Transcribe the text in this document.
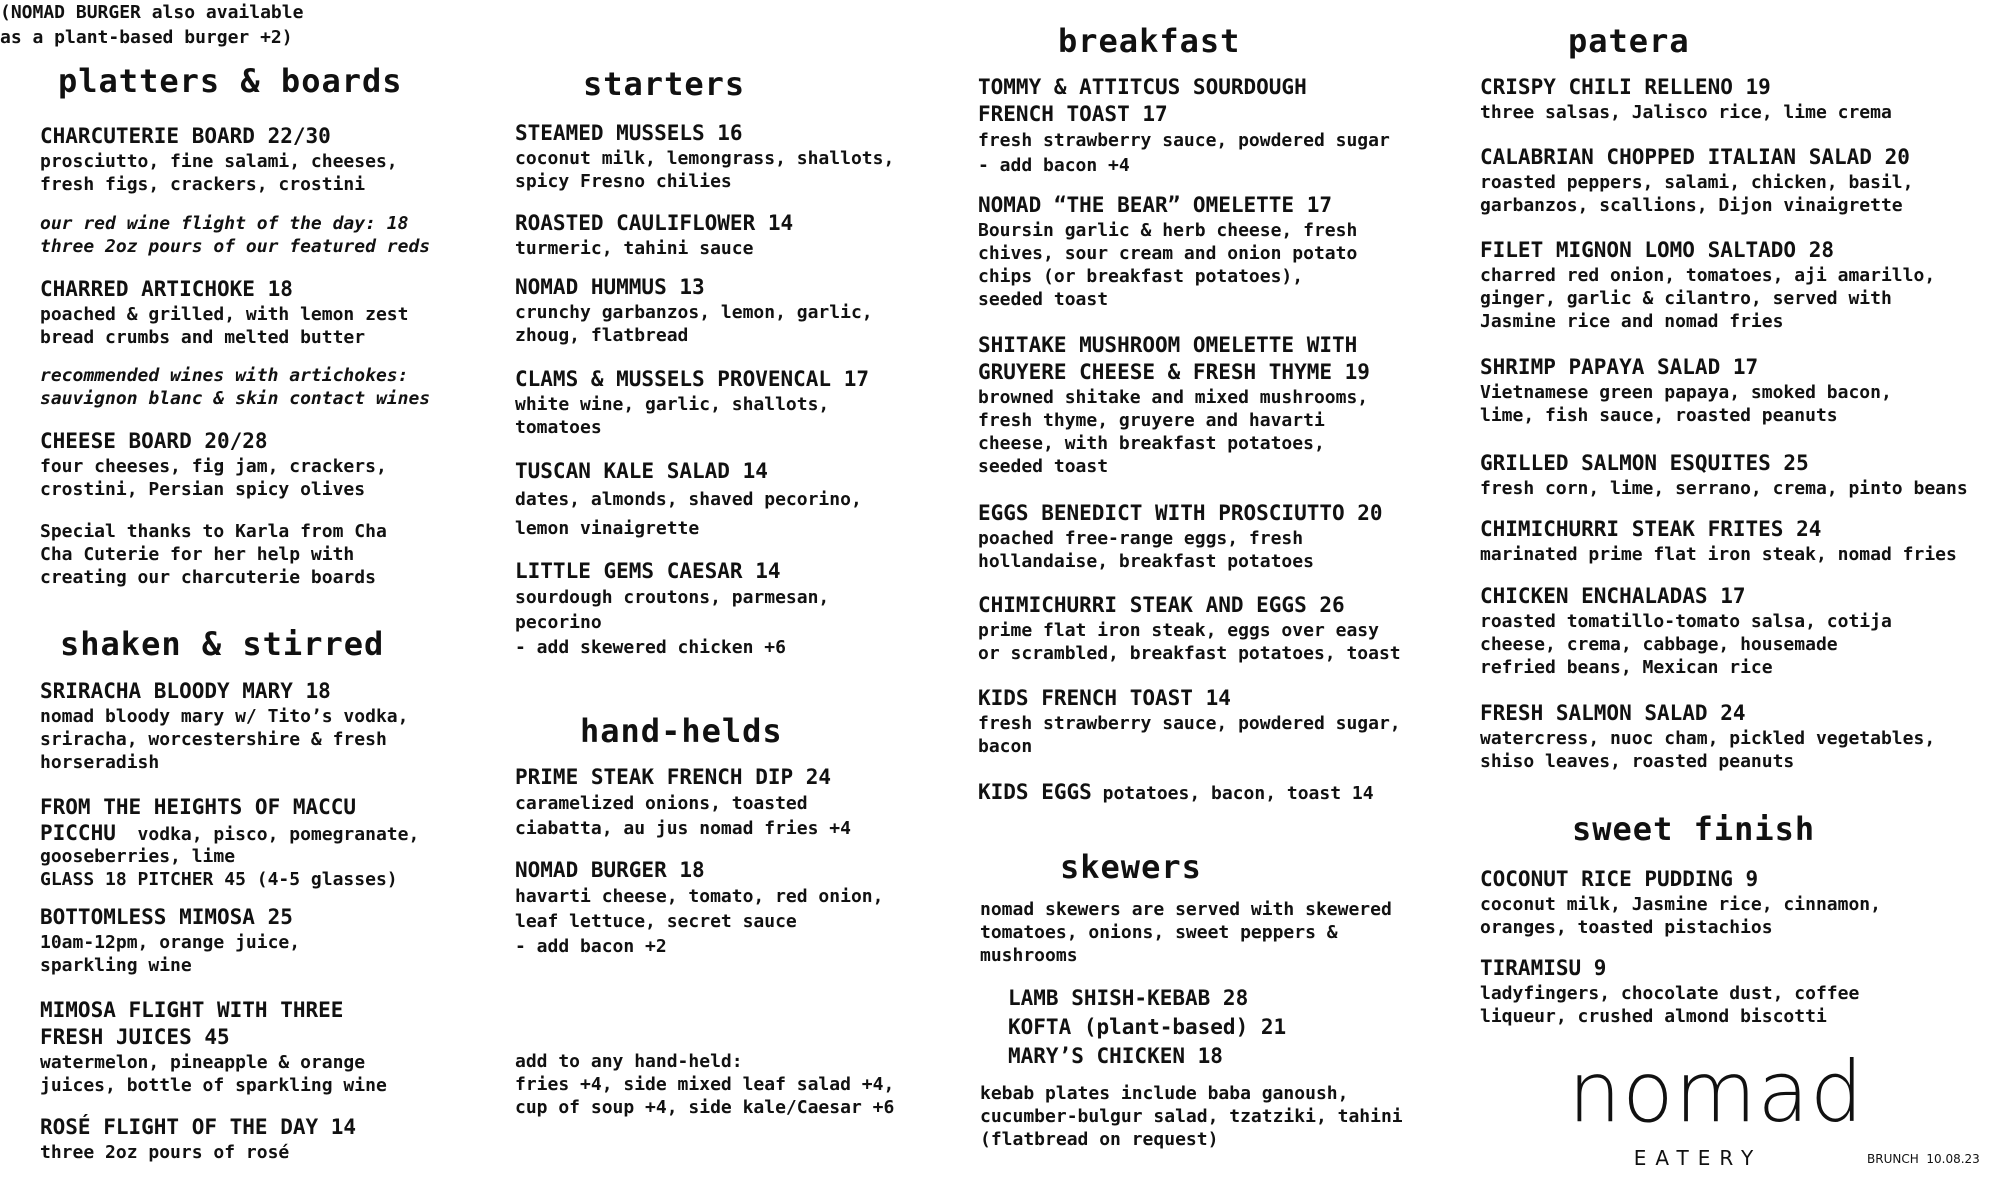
platters & boards
CHARCUTERIE BOARD 22/30
prosciutto, fine salami, cheeses,
fresh figs, crackers, crostini
our red wine flight of the day: 18
three 2oz pours of our featured reds
CHARRED ARTICHOKE 18
poached & grilled, with lemon zest
bread crumbs and melted butter
recommended wines with artichokes:
sauvignon blanc & skin contact wines
CHEESE BOARD 20/28
four cheeses, fig jam, crackers,
crostini, Persian spicy olives
Special thanks to Karla from Cha
Cha Cuterie for her help with
creating our charcuterie boards
shaken & stirred
SRIRACHA BLOODY MARY 18
nomad bloody mary w/ Tito’s vodka,
sriracha, worcestershire & fresh
horseradish
FROM THE HEIGHTS OF MACCU
PICCHU  vodka, pisco, pomegranate,
gooseberries, lime
GLASS 18 PITCHER 45 (4-5 glasses)
BOTTOMLESS MIMOSA 25
10am-12pm, orange juice,
sparkling wine
MIMOSA FLIGHT WITH THREE
FRESH JUICES 45
watermelon, pineapple & orange
juices, bottle of sparkling wine
ROSÉ FLIGHT OF THE DAY 14
three 2oz pours of rosé
starters
STEAMED MUSSELS 16
coconut milk, lemongrass, shallots,
spicy Fresno chilies
ROASTED CAULIFLOWER 14
turmeric, tahini sauce
NOMAD HUMMUS 13
crunchy garbanzos, lemon, garlic,
zhoug, flatbread
CLAMS & MUSSELS PROVENCAL 17
white wine, garlic, shallots,
tomatoes
TUSCAN KALE SALAD 14
dates, almonds, shaved pecorino,
lemon vinaigrette
LITTLE GEMS CAESAR 14
sourdough croutons, parmesan,
pecorino
- add skewered chicken +6
hand-helds
PRIME STEAK FRENCH DIP 24
caramelized onions, toasted
ciabatta, au jus nomad fries +4
NOMAD BURGER 18
havarti cheese, tomato, red onion,
leaf lettuce, secret sauce
- add bacon +2
(NOMAD BURGER also available
as a plant-based burger +2)
add to any hand-held:
fries +4, side mixed leaf salad +4,
cup of soup +4, side kale/Caesar +6
breakfast
TOMMY & ATTITCUS SOURDOUGH
FRENCH TOAST 17
fresh strawberry sauce, powdered sugar
- add bacon +4
NOMAD “THE BEAR” OMELETTE 17
Boursin garlic & herb cheese, fresh
chives, sour cream and onion potato
chips (or breakfast potatoes),
seeded toast
SHITAKE MUSHROOM OMELETTE WITH
GRUYERE CHEESE & FRESH THYME 19
browned shitake and mixed mushrooms,
fresh thyme, gruyere and havarti
cheese, with breakfast potatoes,
seeded toast
EGGS BENEDICT WITH PROSCIUTTO 20
poached free-range eggs, fresh
hollandaise, breakfast potatoes
CHIMICHURRI STEAK AND EGGS 26
prime flat iron steak, eggs over easy
or scrambled, breakfast potatoes, toast
KIDS FRENCH TOAST 14
fresh strawberry sauce, powdered sugar,
bacon
KIDS EGGS potatoes, bacon, toast 14
skewers
nomad skewers are served with skewered
tomatoes, onions, sweet peppers &
mushrooms
LAMB SHISH-KEBAB 28
KOFTA (plant-based) 21
MARY’S CHICKEN 18
kebab plates include baba ganoush,
cucumber-bulgur salad, tzatziki, tahini
(flatbread on request)
patera
CRISPY CHILI RELLENO 19
three salsas, Jalisco rice, lime crema
CALABRIAN CHOPPED ITALIAN SALAD 20
roasted peppers, salami, chicken, basil,
garbanzos, scallions, Dijon vinaigrette
FILET MIGNON LOMO SALTADO 28
charred red onion, tomatoes, aji amarillo,
ginger, garlic & cilantro, served with
Jasmine rice and nomad fries
SHRIMP PAPAYA SALAD 17
Vietnamese green papaya, smoked bacon,
lime, fish sauce, roasted peanuts
GRILLED SALMON ESQUITES 25
fresh corn, lime, serrano, crema, pinto beans
CHIMICHURRI STEAK FRITES 24
marinated prime flat iron steak, nomad fries
CHICKEN ENCHALADAS 17
roasted tomatillo-tomato salsa, cotija
cheese, crema, cabbage, housemade
refried beans, Mexican rice
FRESH SALMON SALAD 24
watercress, nuoc cham, pickled vegetables,
shiso leaves, roasted peanuts
sweet finish
COCONUT RICE PUDDING 9
coconut milk, Jasmine rice, cinnamon,
oranges, toasted pistachios
TIRAMISU 9
ladyfingers, chocolate dust, coffee
liqueur, crushed almond biscotti
nomad
EATERY	BRUNCH  10.08.23
